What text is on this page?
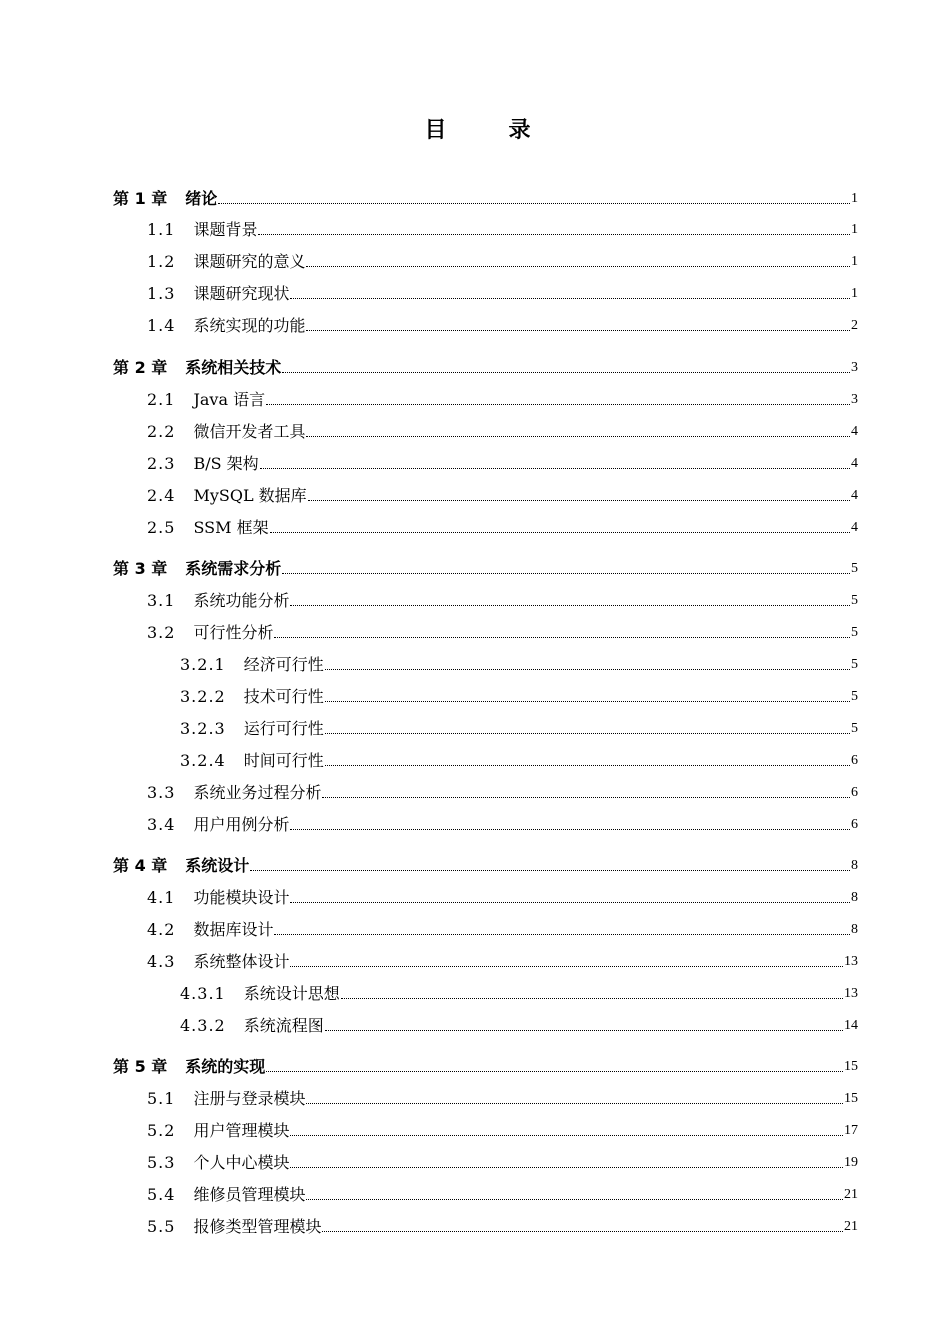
目　录
第 1 章 绪论	1
1.1 课题背景	1
1.2 课题研究的意义	1
1.3 课题研究现状	1
1.4 系统实现的功能	2
第 2 章 系统相关技术	3
2.1 Java 语言	3
2.2 微信开发者工具	4
2.3 B/S 架构	4
2.4 MySQL 数据库	4
2.5 SSM 框架	4
第 3 章 系统需求分析	5
3.1 系统功能分析	5
3.2 可行性分析	5
3.2.1 经济可行性	5
3.2.2 技术可行性	5
3.2.3 运行可行性	5
3.2.4 时间可行性	6
3.3 系统业务过程分析	6
3.4 用户用例分析	6
第 4 章 系统设计	8
4.1 功能模块设计	8
4.2 数据库设计	8
4.3 系统整体设计	13
4.3.1 系统设计思想	13
4.3.2 系统流程图	14
第 5 章 系统的实现	15
5.1 注册与登录模块	15
5.2 用户管理模块	17
5.3 个人中心模块	19
5.4 维修员管理模块	21
5.5 报修类型管理模块	21
